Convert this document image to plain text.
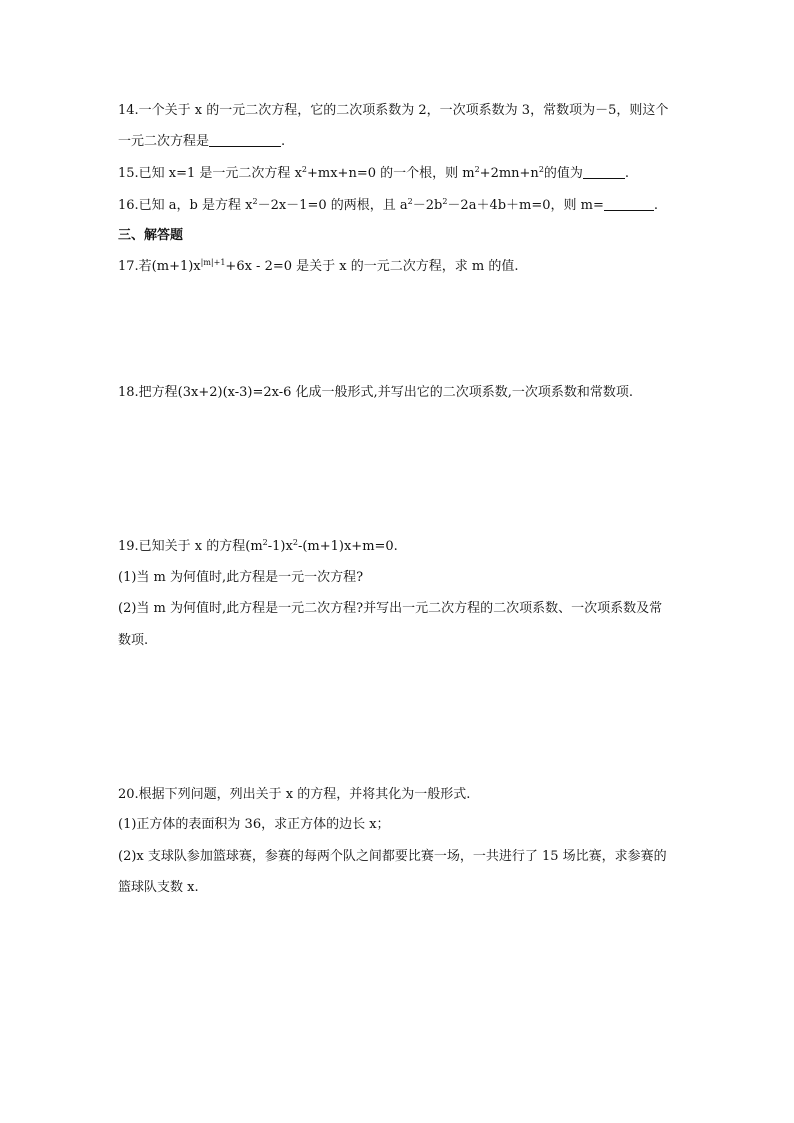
14.一个关于 x 的一元二次方程，它的二次项系数为 2，一次项系数为 3，常数项为－5，则这个
一元二次方程是	.
15.已知 x=1 是一元二次方程 $x^2+mx+n=0$ 的一个根，则 $m^2+2mn+n^2$的值为	.
16.已知 a，b 是方程 $x^2-2x-1=0$ 的两根，且 $a^2-2b^2-2a+4b+m=0$，则 m=	.
三、解答题
17.若$(m+1)x^{|m|+1}+6x - 2=0$ 是关于 x 的一元二次方程，求 m 的值.
18.把方程(3x+2)(x-3)=2x-6 化成一般形式,并写出它的二次项系数,一次项系数和常数项.
19.已知关于 x 的方程$(m^2-1)x^2-(m+1)x+m=0$.
(1)当 m 为何值时,此方程是一元一次方程?
(2)当 m 为何值时,此方程是一元二次方程?并写出一元二次方程的二次项系数、一次项系数及常
数项.
20.根据下列问题，列出关于 x 的方程，并将其化为一般形式.
(1)正方体的表面积为 36，求正方体的边长 x；
(2)x 支球队参加篮球赛，参赛的每两个队之间都要比赛一场，一共进行了 15 场比赛，求参赛的
篮球队支数 x.
